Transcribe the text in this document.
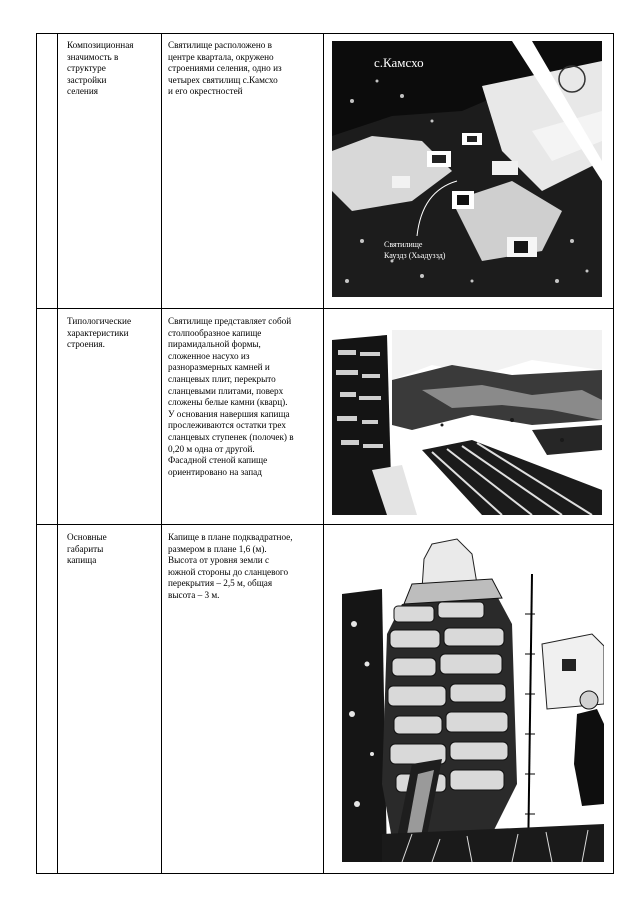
Композиционная
значимость в
структуре
застройки
селения
Святилище расположено в
центре квартала, окружено
строениями селения, одно из
четырех святилищ с.Камсхо
и его окрестностей
с.Камсхо
Святилище
Кауздз (Хьадуззд)
Типологические
характеристики
строения.
Святилище представляет собой
столпообразное капище
пирамидальной формы,
сложенное насухо из
разноразмерных камней и
сланцевых плит, перекрыто
сланцевыми плитами, поверх
сложены белые камни (кварц).
У основания навершия капища
прослеживаются остатки трех
сланцевых ступенек (полочек) в
0,20 м одна от другой.
Фасадной стеной капище
ориентировано на запад
Основные
габариты
капища
Капище в плане подквадратное,
размером в плане 1,6 (м).
Высота от уровня земли с
южной стороны до сланцевого
перекрытия – 2,5 м, общая
высота – 3 м.
